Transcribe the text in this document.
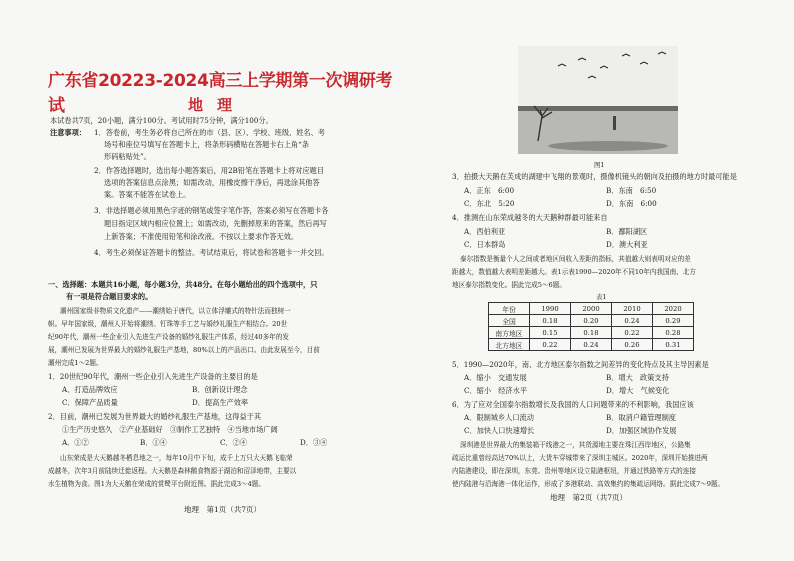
广东省20223-2024高三上学期第一次调研考试	地理
本试卷共7页，20小题，满分100分。考试用时75分钟，满分100分。
注意事项： 1．答卷前，考生务必将自己所在的市（县、区）、学校、班级、姓名、考
场号和座位号填写在答题卡上，将条形码横贴在答题卡右上角“条
形码粘贴处”。
2．作答选择题时，选出每小题答案后，用2B铅笔在答题卡上将对应题目
选项的答案信息点涂黑；如需改动，用橡皮擦干净后，再选涂其他答
案。答案不能答在试卷上。
3．非选择题必须用黑色字迹的钢笔或签字笔作答，答案必须写在答题卡各
题目指定区域内相应位置上；如需改动，先删掉原来的答案，然后再写
上新答案；不准使用铅笔和涂改液。不按以上要求作答无效。
4．考生必须保证答题卡的整洁。考试结束后，将试卷和答题卡一并交回。
一、选择题：本题共16小题，每小题3分，共48分。在每小题给出的四个选项中，只
有一项是符合题目要求的。
潮州国家级非物质文化遗产——潮绣始于唐代，以立体浮雕式的特针法而独树一
帜。早年国家级，潮州人开始将潮绣、钉珠等手工艺与婚纱礼服生产相结合。20世
纪90年代，潮州一些企业引入先进生产设备的婚纱礼服生产体系，经过40多年的发
展，潮州已发展为世界最大的婚纱礼服生产基地，80%以上的产品出口。由此发展至今，目前
潮州完成1～2题。
1．20世纪90年代，潮州一些企业引入先进生产设备的主要目的是
A．打造品牌效应	B．创新设计理念
C．保障产品质量	D．提高生产效率
2．目前，潮州已发展为世界最大的婚纱礼服生产基地，这得益于其
①生产历史悠久　②产业基础好　③制作工艺独特　④当地市场广阔
A．①②	B．①④	C．②④	D．③④
山东荣成是大天鹅越冬栖息地之一，每年10月中下旬，成千上万只大天鹅飞临荣
成越冬，次年3月前陆续迁徙返程。大天鹅是森林鹅食物源于湖泊和沼泽地带，主要以
水生植物为食。图1为大天鹅在荣成的赏鹭平台附近图。据此完成3～4题。
地理　第1页（共7页）
图1
3．拍摄大天鹅在芙成的湖建中飞翔的景观时，摄像机镜头的朝向及拍摄的地方时最可能是
A．正东　6:00	B．东南　6:50
C．东北　5:20	D．东南　6:00
4．推测在山东荣成越冬的大天鹅种群最可能来自
A．西伯利亚	B．鄱阳湖区
C．日本群岛	D．澳大利亚
泰尔指数是衡量个人之间或者地区间收入差距的指标，其值越大则表明对应的差
距越大，数值越大表明差距越大。表1示表1990—2020年不同10年内我国南、北方
地区泰尔指数变化。据此完成5～6题。
表1
年份	1990	2000	2010	2020
全国	0.18	0.20	0.24	0.29
南方地区	0.15	0.18	0.22	0.28
北方地区	0.22	0.24	0.26	0.31
5．1990—2020年，南、北方地区泰尔指数之间差异的变化特点及其主导因素是
A．缩小　交通发展	B．增大　政策支持
C．缩小　经济水平	D．增大　气候变化
6．为了应对全国泰尔指数增长及我国的人口问题带来的不利影响，我国应该
A．限制城乡人口流动	B．取消户籍管理制度
C．加快人口快速增长	D．加强区域协作发展
深圳港是世界最大的集装箱干线港之一，其货源地主要在珠江西岸地区，公路集
疏运比重曾经高达70%以上，大货车穿城带来了深圳主城区。2020年，深圳开始推进两
内陆港建设，即在深圳，东莞、贵州等地区设立陆港枢纽，并通过铁路等方式的连接
使内陆港与沿海港一体化运作，形成了多港联动、高效集约的集疏运网络。据此完成7～9题。
地理　第2页（共7页）
